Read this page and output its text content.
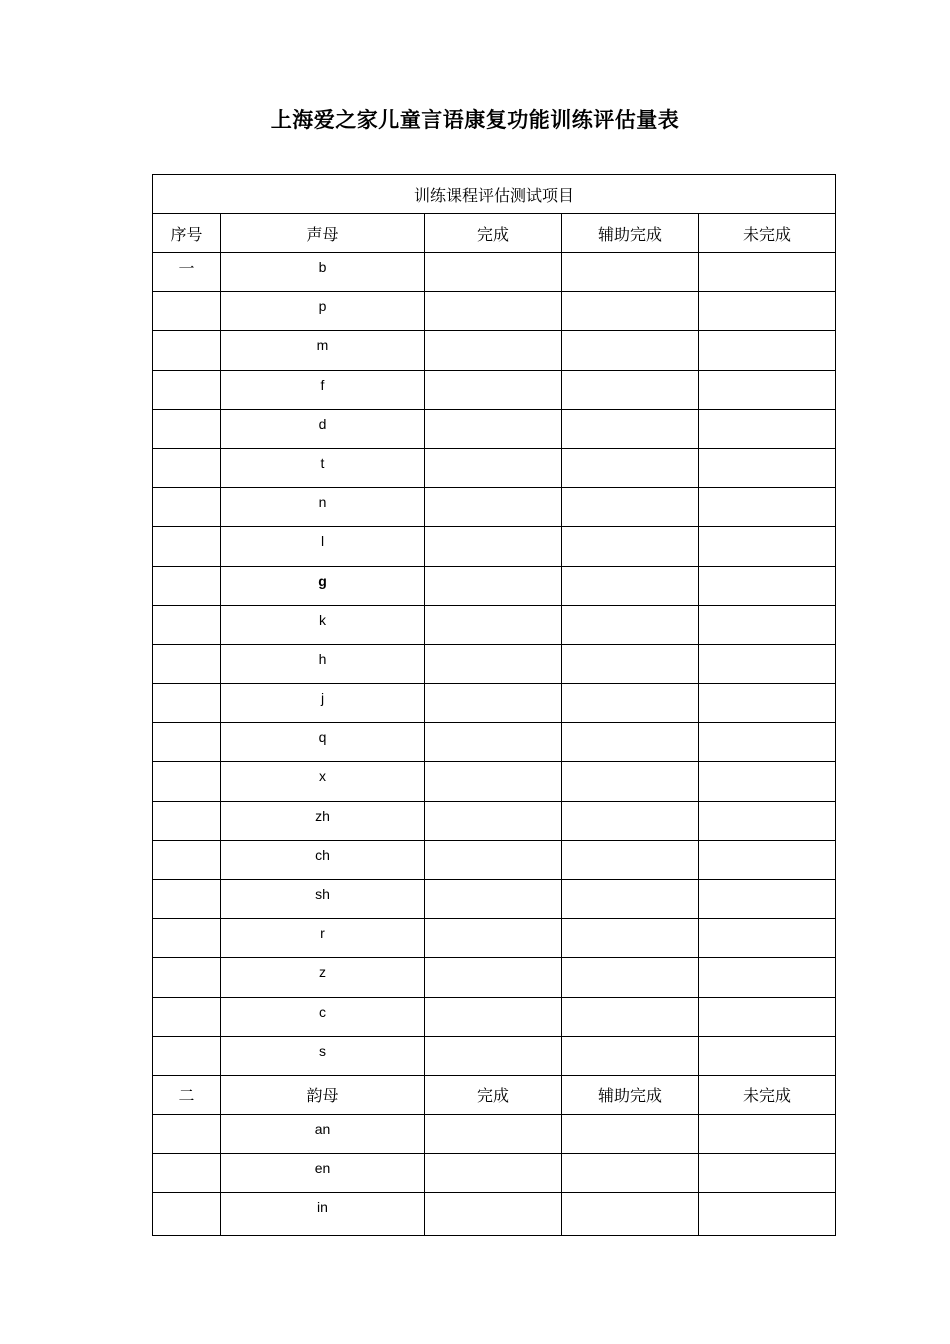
上海爱之家儿童言语康复功能训练评估量表
训练课程评估测试项目				
序号	声母	完成	辅助完成	未完成
一	b			
	p			
	m			
	f			
	d			
	t			
	n			
	l			
	g			
	k			
	h			
	j			
	q			
	x			
	zh			
	ch			
	sh			
	r			
	z			
	c			
	s			
二	韵母	完成	辅助完成	未完成
	an			
	en			
	in			
